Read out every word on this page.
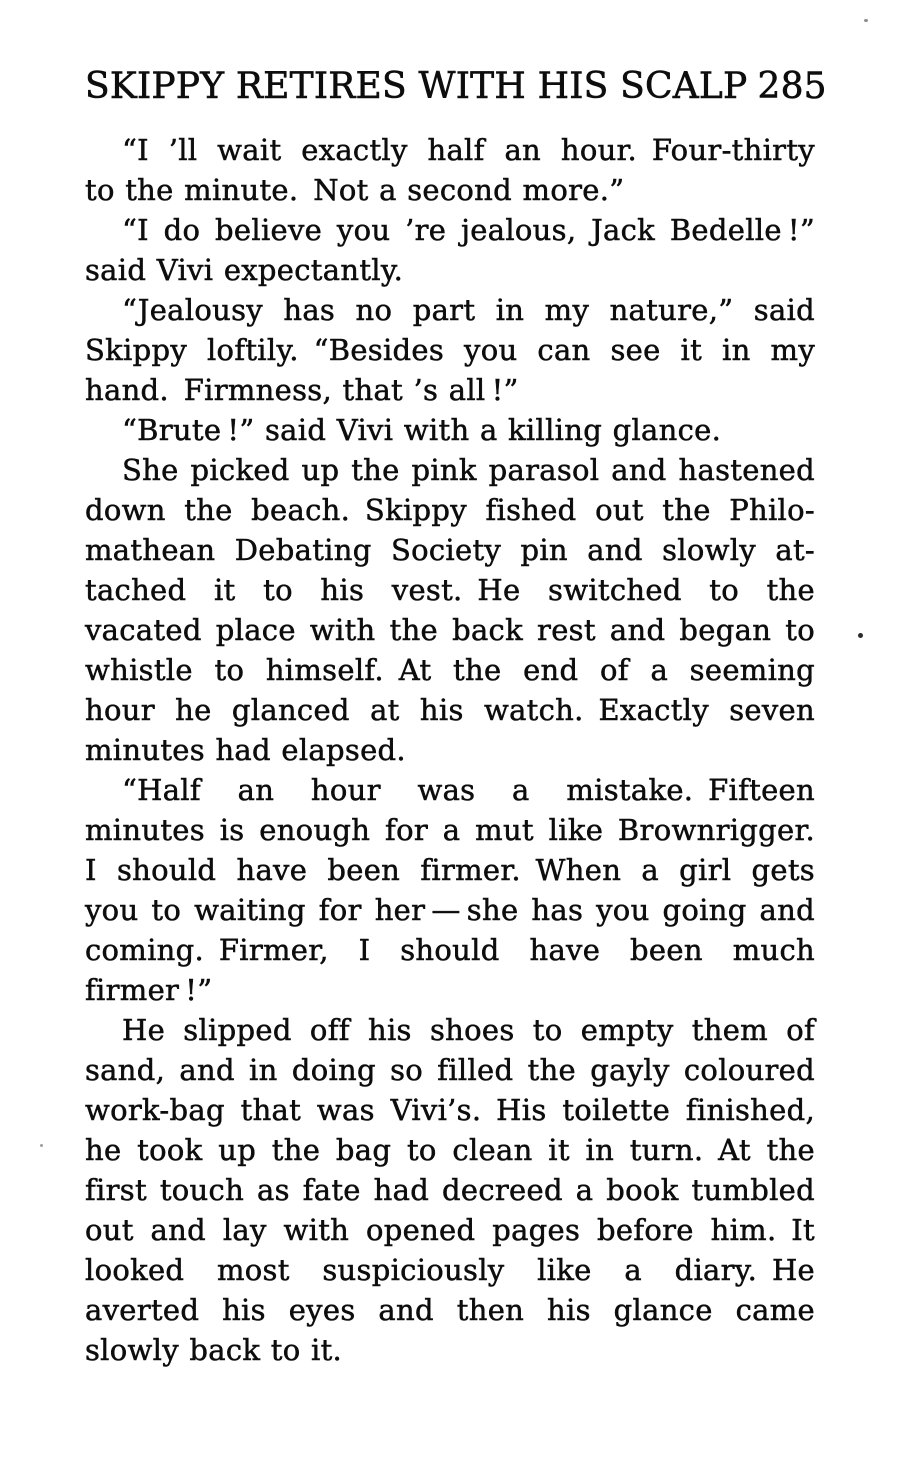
SKIPPY RETIRES WITH HIS SCALP 285
“I ’ll wait exactly half an hour. Four-thirty
to the minute. Not a second more.”
“I do believe you ’re jealous, Jack Bedelle !”
said Vivi expectantly.
“Jealousy has no part in my nature,” said
Skippy loftily. “Besides you can see it in my
hand. Firmness, that ’s all !”
“Brute !” said Vivi with a killing glance.
She picked up the pink parasol and hastened
down the beach. Skippy fished out the Philo-
mathean Debating Society pin and slowly at-
tached it to his vest. He switched to the
vacated place with the back rest and began to
whistle to himself. At the end of a seeming
hour he glanced at his watch. Exactly seven
minutes had elapsed.
“Half an hour was a mistake. Fifteen
minutes is enough for a mut like Brownrigger.
I should have been firmer. When a girl gets
you to waiting for her — she has you going and
coming. Firmer, I should have been much
firmer !”
He slipped off his shoes to empty them of
sand, and in doing so filled the gayly coloured
work-bag that was Vivi’s. His toilette finished,
he took up the bag to clean it in turn. At the
first touch as fate had decreed a book tumbled
out and lay with opened pages before him. It
looked most suspiciously like a diary. He
averted his eyes and then his glance came
slowly back to it.
